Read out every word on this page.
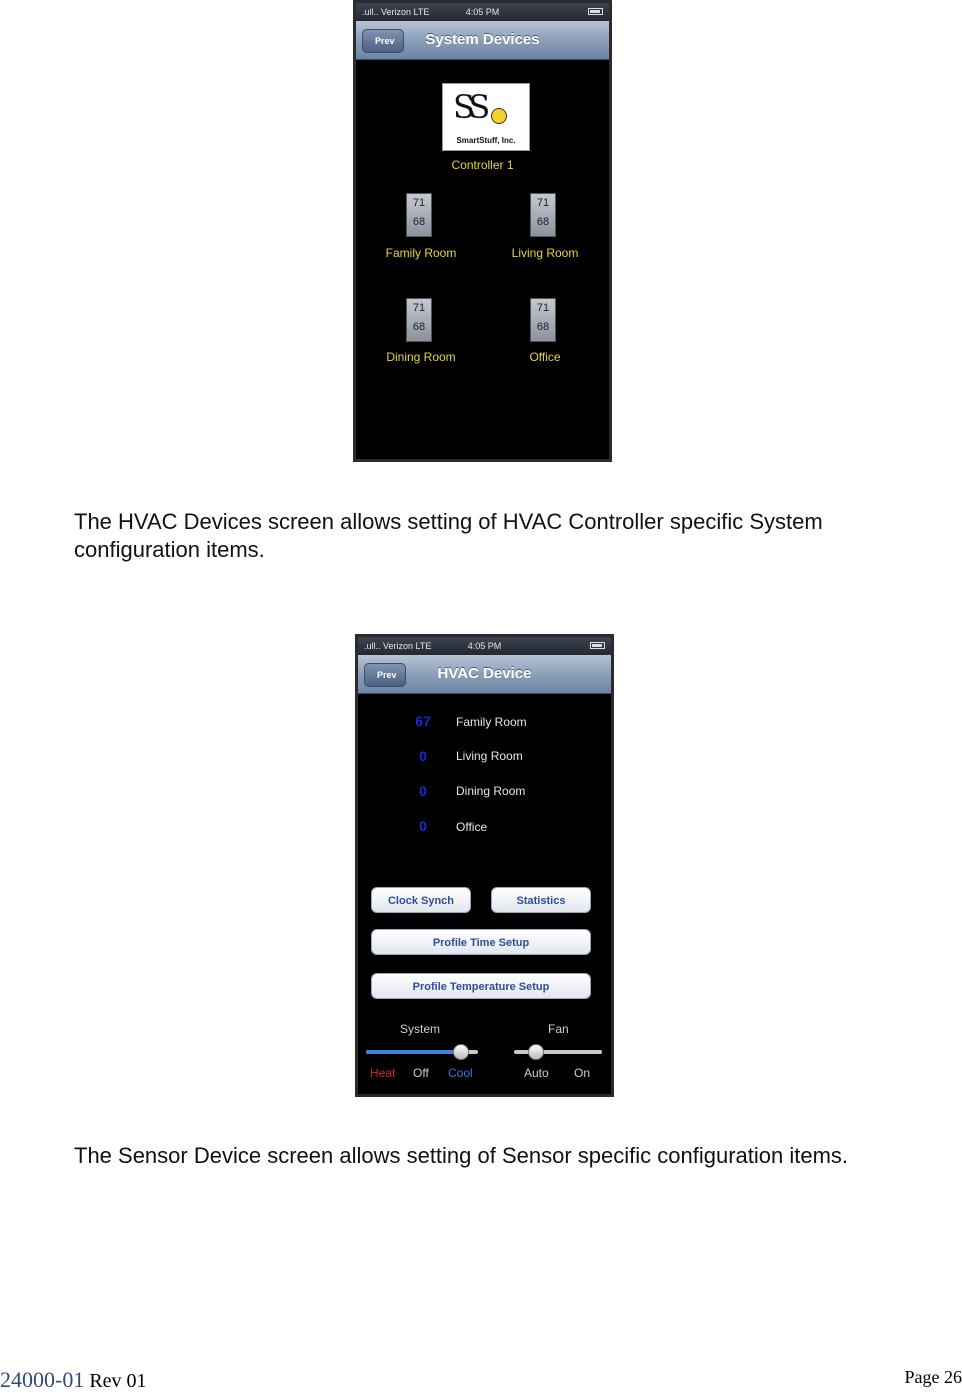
.ull.. Verizon LTE	4:05 PM
Prev	System Devices
SS
SmartStuff, Inc.
Controller 1
71
68
Family Room
71
68
Living Room
71
68
Dining Room
71
68
Office
The HVAC Devices screen allows setting of HVAC Controller specific System configuration items.
.ull.. Verizon LTE	4:05 PM
Prev	HVAC Device
67	Family Room
0	Living Room
0	Dining Room
0	Office
Clock Synch	Statistics
Profile Time Setup
Profile Temperature Setup
System	Fan
Heat Off Cool	Auto On
The Sensor Device screen allows setting of Sensor specific configuration items.
24000-01 Rev 01	Page 26
